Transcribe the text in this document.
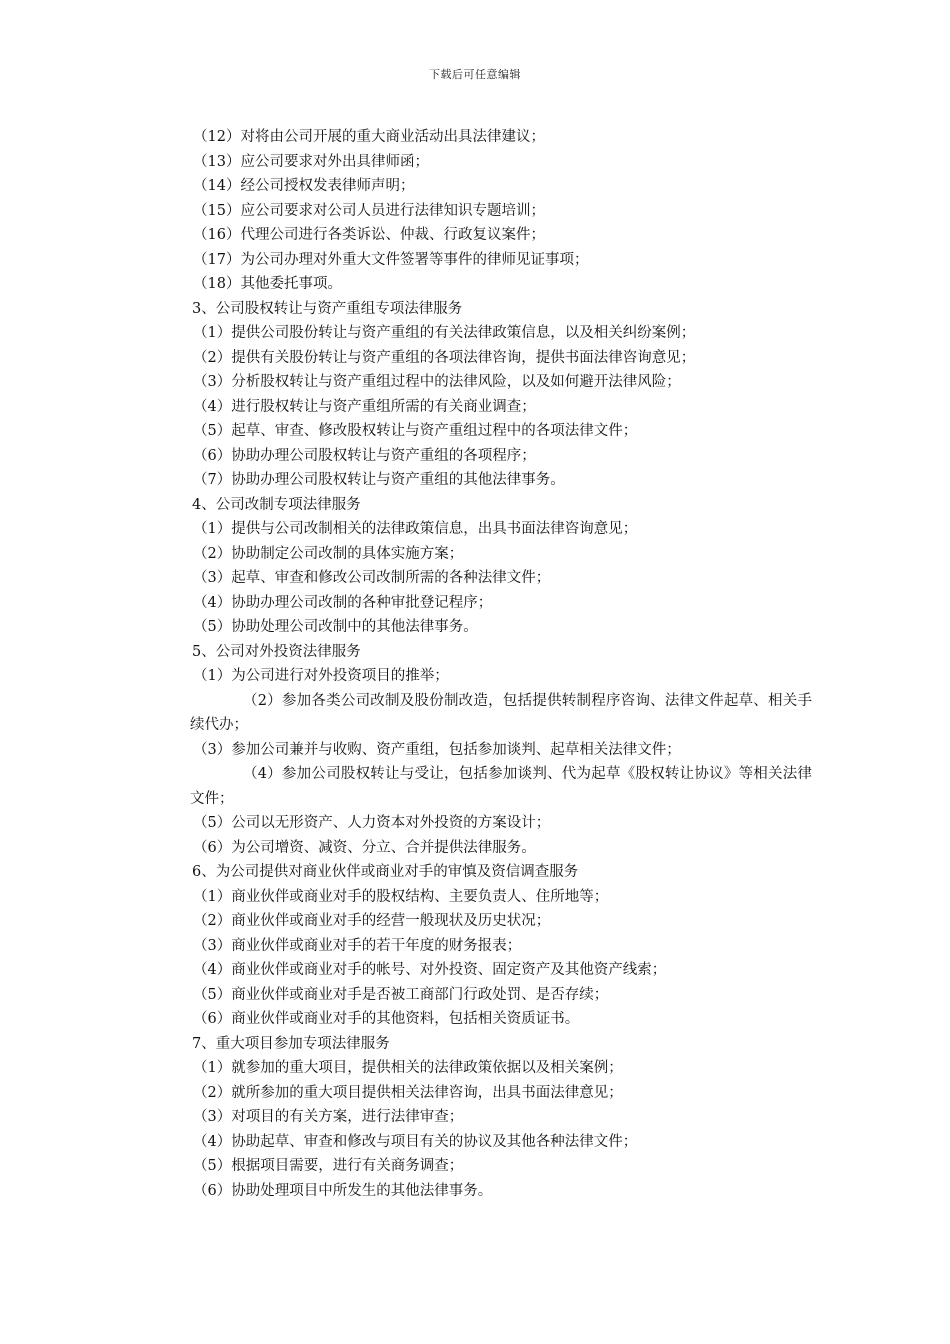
下载后可任意编辑
（12）对将由公司开展的重大商业活动出具法律建议；
（13）应公司要求对外出具律师函；
（14）经公司授权发表律师声明；
（15）应公司要求对公司人员进行法律知识专题培训；
（16）代理公司进行各类诉讼、仲裁、行政复议案件；
（17）为公司办理对外重大文件签署等事件的律师见证事项；
（18）其他委托事项。
3、公司股权转让与资产重组专项法律服务
（1）提供公司股份转让与资产重组的有关法律政策信息，以及相关纠纷案例；
（2）提供有关股份转让与资产重组的各项法律咨询，提供书面法律咨询意见；
（3）分析股权转让与资产重组过程中的法律风险，以及如何避开法律风险；
（4）进行股权转让与资产重组所需的有关商业调查；
（5）起草、审查、修改股权转让与资产重组过程中的各项法律文件；
（6）协助办理公司股权转让与资产重组的各项程序；
（7）协助办理公司股权转让与资产重组的其他法律事务。
4、公司改制专项法律服务
（1）提供与公司改制相关的法律政策信息，出具书面法律咨询意见；
（2）协助制定公司改制的具体实施方案；
（3）起草、审查和修改公司改制所需的各种法律文件；
（4）协助办理公司改制的各种审批登记程序；
（5）协助处理公司改制中的其他法律事务。
5、公司对外投资法律服务
（1）为公司进行对外投资项目的推举；
（2）参加各类公司改制及股份制改造，包括提供转制程序咨询、法律文件起草、相关手续代办；
（3）参加公司兼并与收购、资产重组，包括参加谈判、起草相关法律文件；
（4）参加公司股权转让与受让，包括参加谈判、代为起草《股权转让协议》等相关法律文件；
（5）公司以无形资产、人力资本对外投资的方案设计；
（6）为公司增资、减资、分立、合并提供法律服务。
6、为公司提供对商业伙伴或商业对手的审慎及资信调查服务
（1）商业伙伴或商业对手的股权结构、主要负责人、住所地等；
（2）商业伙伴或商业对手的经营一般现状及历史状况；
（3）商业伙伴或商业对手的若干年度的财务报表；
（4）商业伙伴或商业对手的帐号、对外投资、固定资产及其他资产线索；
（5）商业伙伴或商业对手是否被工商部门行政处罚、是否存续；
（6）商业伙伴或商业对手的其他资料，包括相关资质证书。
7、重大项目参加专项法律服务
（1）就参加的重大项目，提供相关的法律政策依据以及相关案例；
（2）就所参加的重大项目提供相关法律咨询，出具书面法律意见；
（3）对项目的有关方案，进行法律审查；
（4）协助起草、审查和修改与项目有关的协议及其他各种法律文件；
（5）根据项目需要，进行有关商务调查；
（6）协助处理项目中所发生的其他法律事务。
